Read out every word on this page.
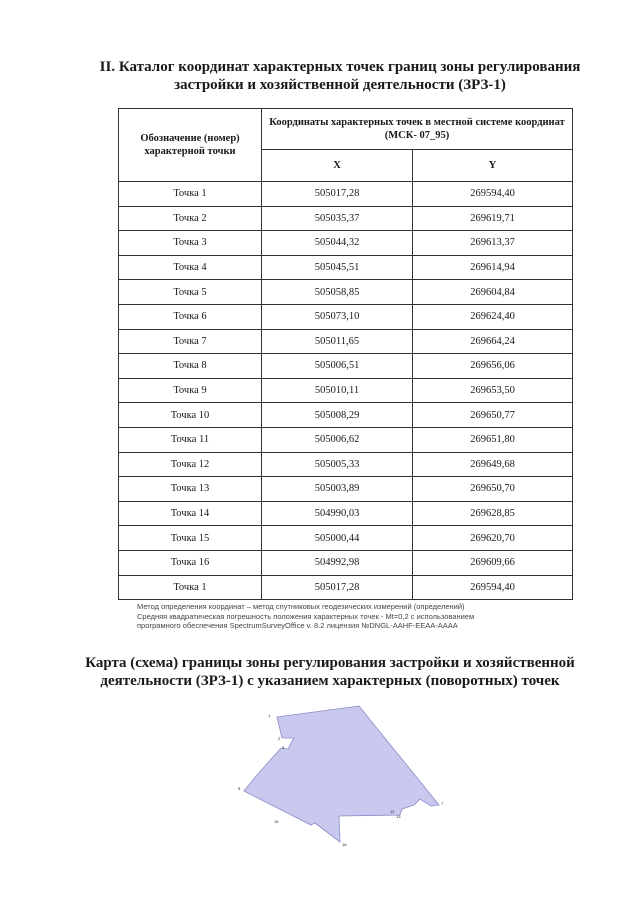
II. Каталог координат характерных точек границ зоны регулирования
застройки и хозяйственной деятельности (ЗРЗ-1)
Обозначение (номер) характерной точки	Координаты характерных точек в местной системе координат (МСК- 07_95)	
	X	Y
Точка 1	505017,28	269594,40
Точка 2	505035,37	269619,71
Точка 3	505044,32	269613,37
Точка 4	505045,51	269614,94
Точка 5	505058,85	269604,84
Точка 6	505073,10	269624,40
Точка 7	505011,65	269664,24
Точка 8	505006,51	269656,06
Точка 9	505010,11	269653,50
Точка 10	505008,29	269650,77
Точка 11	505006,62	269651,80
Точка 12	505005,33	269649,68
Точка 13	505003,89	269650,70
Точка 14	504990,03	269628,85
Точка 15	505000,44	269620,70
Точка 16	504992,98	269609,66
Точка 1	505017,28	269594,40
Метод определения координат – метод спутниковых геодезических измерений (определений)
Средняя квадратическая погрешность положения характерных точек - Mt=0,2 с использованием
програмного обеспечения SpectrumSurveyOffice v. 8.2 лицензия №DNGL-AAHF-EEAA-AAAA
Карта (схема) границы зоны регулирования застройки и хозяйственной
деятельности (ЗРЗ-1) с указанием характерных (поворотных) точек
1
2
3
5
7
12
13
15
16
